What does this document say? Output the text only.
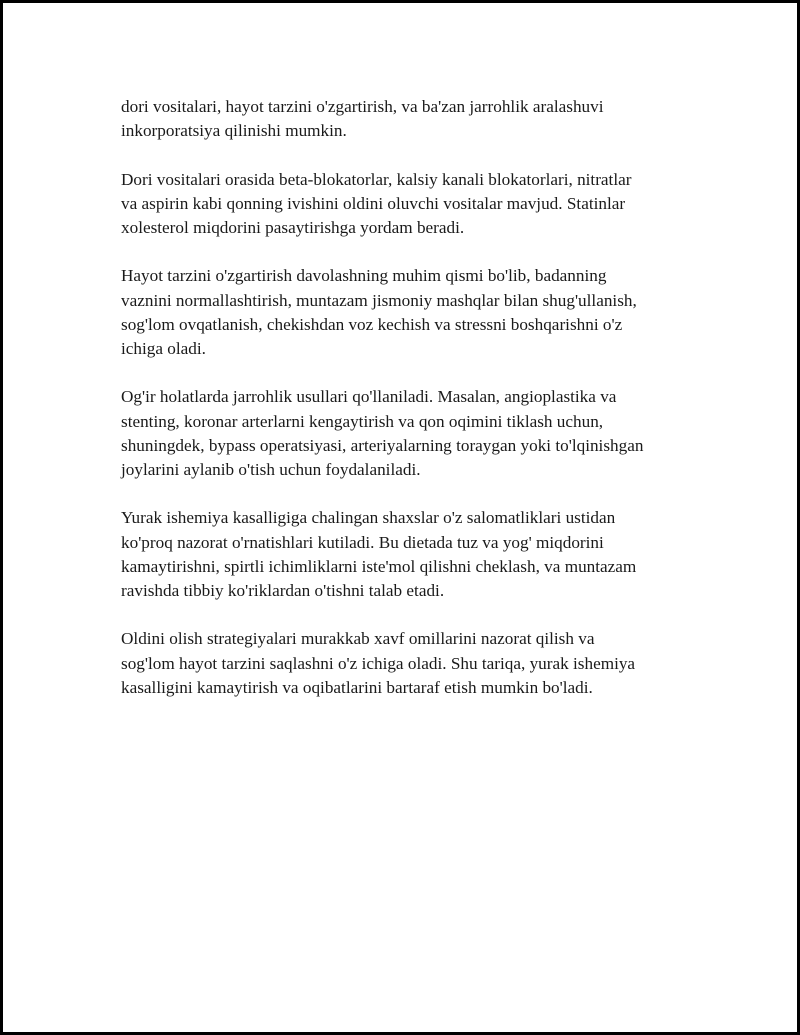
dori vositalari, hayot tarzini o'zgartirish, va ba'zan jarrohlik aralashuvi
inkorporatsiya qilinishi mumkin.

Dori vositalari orasida beta-blokatorlar, kalsiy kanali blokatorlari, nitratlar
va aspirin kabi qonning ivishini oldini oluvchi vositalar mavjud. Statinlar
xolesterol miqdorini pasaytirishga yordam beradi.

Hayot tarzini o'zgartirish davolashning muhim qismi bo'lib, badanning
vaznini normallashtirish, muntazam jismoniy mashqlar bilan shug'ullanish,
sog'lom ovqatlanish, chekishdan voz kechish va stressni boshqarishni o'z
ichiga oladi.

Og'ir holatlarda jarrohlik usullari qo'llaniladi. Masalan, angioplastika va
stenting, koronar arterlarni kengaytirish va qon oqimini tiklash uchun,
shuningdek, bypass operatsiyasi, arteriyalarning toraygan yoki to'lqinishgan
joylarini aylanib o'tish uchun foydalaniladi.

Yurak ishemiya kasalligiga chalingan shaxslar o'z salomatliklari ustidan
ko'proq nazorat o'rnatishlari kutiladi. Bu dietada tuz va yog' miqdorini
kamaytirishni, spirtli ichimliklarni iste'mol qilishni cheklash, va muntazam
ravishda tibbiy ko'riklardan o'tishni talab etadi.

Oldini olish strategiyalari murakkab xavf omillarini nazorat qilish va
sog'lom hayot tarzini saqlashni o'z ichiga oladi. Shu tariqa, yurak ishemiya
kasalligini kamaytirish va oqibatlarini bartaraf etish mumkin bo'ladi.
